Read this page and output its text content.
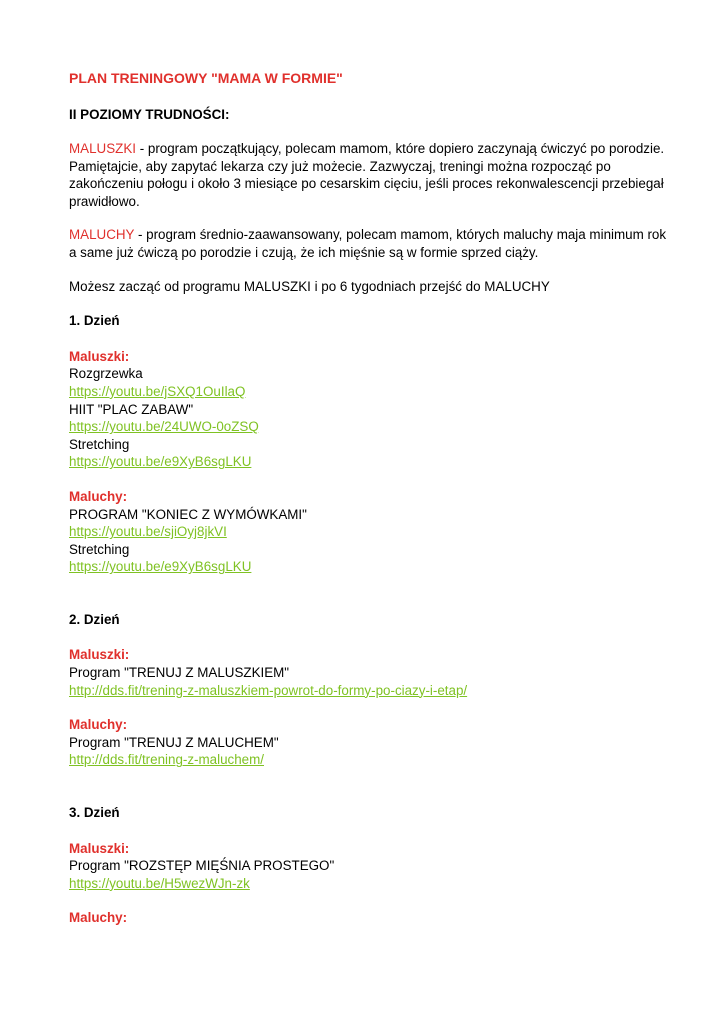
PLAN TRENINGOWY "MAMA W FORMIE"
II POZIOMY TRUDNOŚCI:
MALUSZKI - program początkujący, polecam mamom, które dopiero zaczynają ćwiczyć po porodzie. Pamiętajcie, aby zapytać lekarza czy już możecie. Zazwyczaj, treningi można rozpocząć po zakończeniu połogu i około 3 miesiące po cesarskim cięciu, jeśli proces rekonwalescencji przebiegał prawidłowo.
MALUCHY - program średnio-zaawansowany, polecam mamom, których maluchy maja minimum rok a same już ćwiczą po porodzie i czują, że ich mięśnie są w formie sprzed ciąży.
Możesz zacząć od programu MALUSZKI i po 6 tygodniach przejść do MALUCHY
1. Dzień
Maluszki:
Rozgrzewka
https://youtu.be/jSXQ1OuIlaQ
HIIT "PLAC ZABAW"
https://youtu.be/24UWO-0oZSQ
Stretching
https://youtu.be/e9XyB6sgLKU
Maluchy:
PROGRAM "KONIEC Z WYMÓWKAMI"
https://youtu.be/sjiOyj8jkVI
Stretching
https://youtu.be/e9XyB6sgLKU
2. Dzień
Maluszki:
Program "TRENUJ Z MALUSZKIEM"
http://dds.fit/trening-z-maluszkiem-powrot-do-formy-po-ciazy-i-etap/
Maluchy:
Program "TRENUJ Z MALUCHEM"
http://dds.fit/trening-z-maluchem/
3. Dzień
Maluszki:
Program "ROZSTĘP MIĘŚNIA PROSTEGO"
https://youtu.be/H5wezWJn-zk
Maluchy:
